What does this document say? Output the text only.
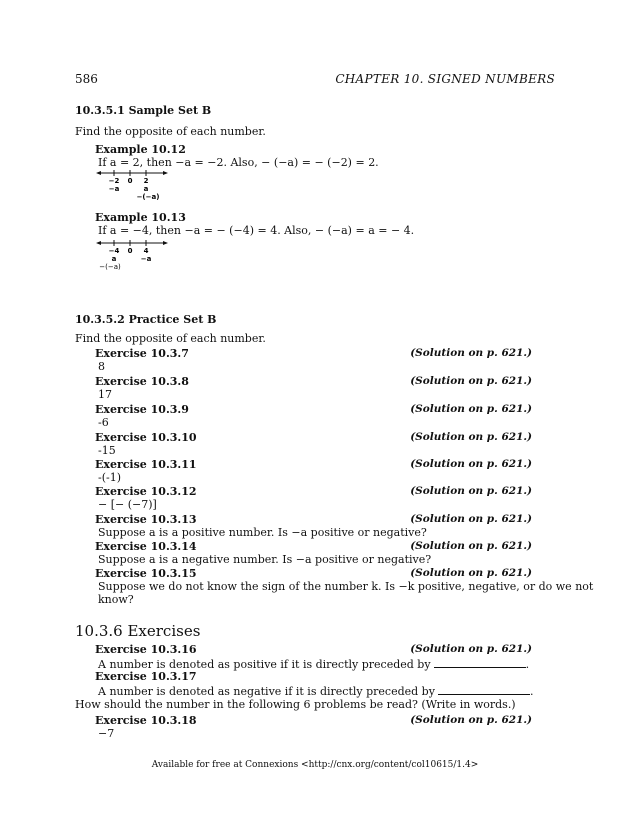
586	CHAPTER 10. SIGNED NUMBERS
10.3.5.1 Sample Set B
Find the opposite of each number.
Example 10.12
If a = 2, then −a = −2. Also, − (−a) = − (−2) = 2.
−2 0 2
−a	a
−(−a)
Example 10.13
If a = −4, then −a = − (−4) = 4. Also, − (−a) = a = − 4.
−4 0 4
a	−a
−(−a)
10.3.5.2 Practice Set B
Find the opposite of each number.
Exercise 10.3.7	(Solution on p. 621.)
8
Exercise 10.3.8	(Solution on p. 621.)
17
Exercise 10.3.9	(Solution on p. 621.)
-6
Exercise 10.3.10	(Solution on p. 621.)
-15
Exercise 10.3.11	(Solution on p. 621.)
-(-1)
Exercise 10.3.12	(Solution on p. 621.)
− [− (−7)]
Exercise 10.3.13	(Solution on p. 621.)
Suppose a is a positive number. Is −a positive or negative?
Exercise 10.3.14	(Solution on p. 621.)
Suppose a is a negative number. Is −a positive or negative?
Exercise 10.3.15	(Solution on p. 621.)
Suppose we do not know the sign of the number k. Is −k positive, negative, or do we not know?
10.3.6 Exercises
Exercise 10.3.16	(Solution on p. 621.)
A number is denoted as positive if it is directly preceded by	.
Exercise 10.3.17
A number is denoted as negative if it is directly preceded by	.
How should the number in the following 6 problems be read? (Write in words.)
Exercise 10.3.18	(Solution on p. 621.)
−7
Available for free at Connexions <http://cnx.org/content/col10615/1.4>
